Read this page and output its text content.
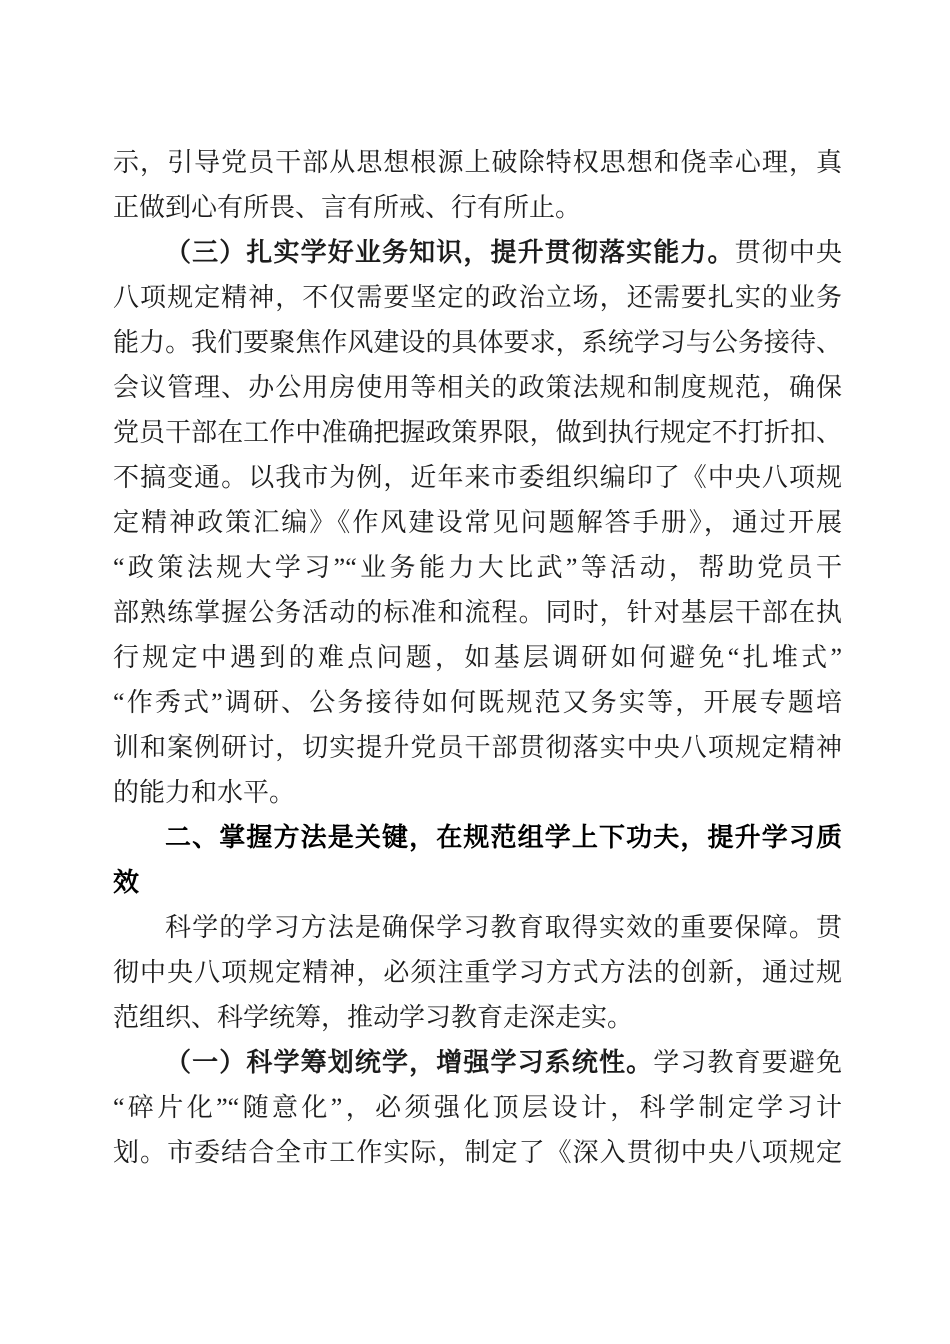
示，引导党员干部从思想根源上破除特权思想和侥幸心理，真
正做到心有所畏、言有所戒、行有所止。
（三）扎实学好业务知识，提升贯彻落实能力。贯彻中央
八项规定精神，不仅需要坚定的政治立场，还需要扎实的业务
能力。我们要聚焦作风建设的具体要求，系统学习与公务接待、
会议管理、办公用房使用等相关的政策法规和制度规范，确保
党员干部在工作中准确把握政策界限，做到执行规定不打折扣、
不搞变通。以我市为例，近年来市委组织编印了《中央八项规
定精神政策汇编》《作风建设常见问题解答手册》，通过开展
“政策法规大学习”“业务能力大比武”等活动，帮助党员干
部熟练掌握公务活动的标准和流程。同时，针对基层干部在执
行规定中遇到的难点问题，如基层调研如何避免“扎堆式”
“作秀式”调研、公务接待如何既规范又务实等，开展专题培
训和案例研讨，切实提升党员干部贯彻落实中央八项规定精神
的能力和水平。
二、掌握方法是关键，在规范组学上下功夫，提升学习质
效
科学的学习方法是确保学习教育取得实效的重要保障。贯
彻中央八项规定精神，必须注重学习方式方法的创新，通过规
范组织、科学统筹，推动学习教育走深走实。
（一）科学筹划统学，增强学习系统性。学习教育要避免
“碎片化”“随意化”，必须强化顶层设计，科学制定学习计
划。市委结合全市工作实际，制定了《深入贯彻中央八项规定
